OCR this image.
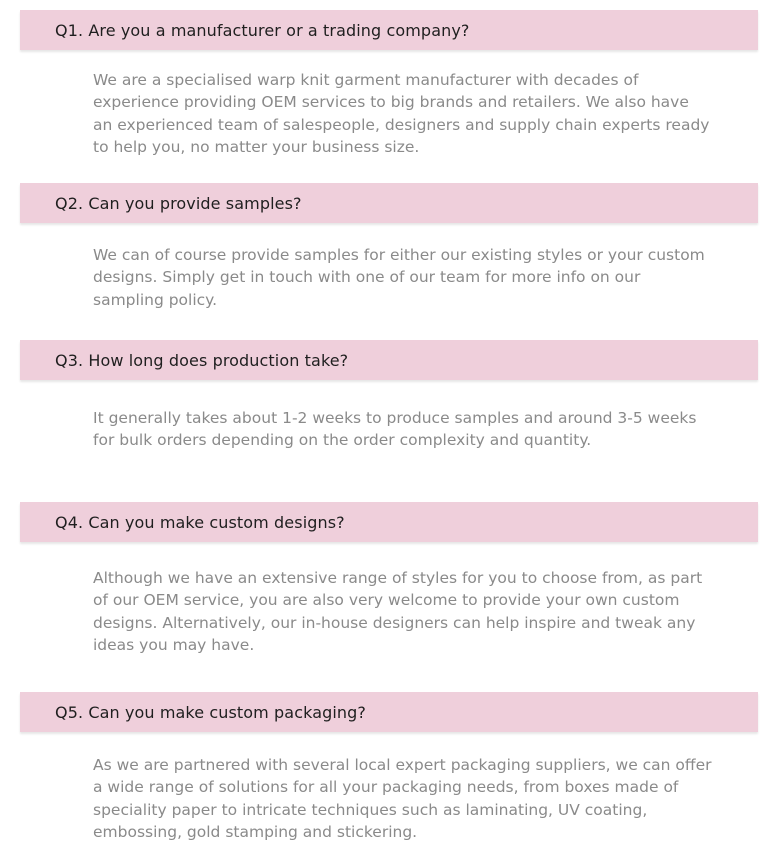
Q1. Are you a manufacturer or a trading company?

We are a specialised warp knit garment manufacturer with decades of experience providing OEM services to big brands and retailers. We also have an experienced team of salespeople, designers and supply chain experts ready to help you, no matter your business size.

Q2. Can you provide samples?

We can of course provide samples for either our existing styles or your custom designs. Simply get in touch with one of our team for more info on our sampling policy.

Q3. How long does production take?

It generally takes about 1-2 weeks to produce samples and around 3-5 weeks for bulk orders depending on the order complexity and quantity.

Q4. Can you make custom designs?

Although we have an extensive range of styles for you to choose from, as part of our OEM service, you are also very welcome to provide your own custom designs. Alternatively, our in-house designers can help inspire and tweak any ideas you may have.

Q5. Can you make custom packaging?

As we are partnered with several local expert packaging suppliers, we can offer a wide range of solutions for all your packaging needs, from boxes made of speciality paper to intricate techniques such as laminating, UV coating, embossing, gold stamping and stickering.
